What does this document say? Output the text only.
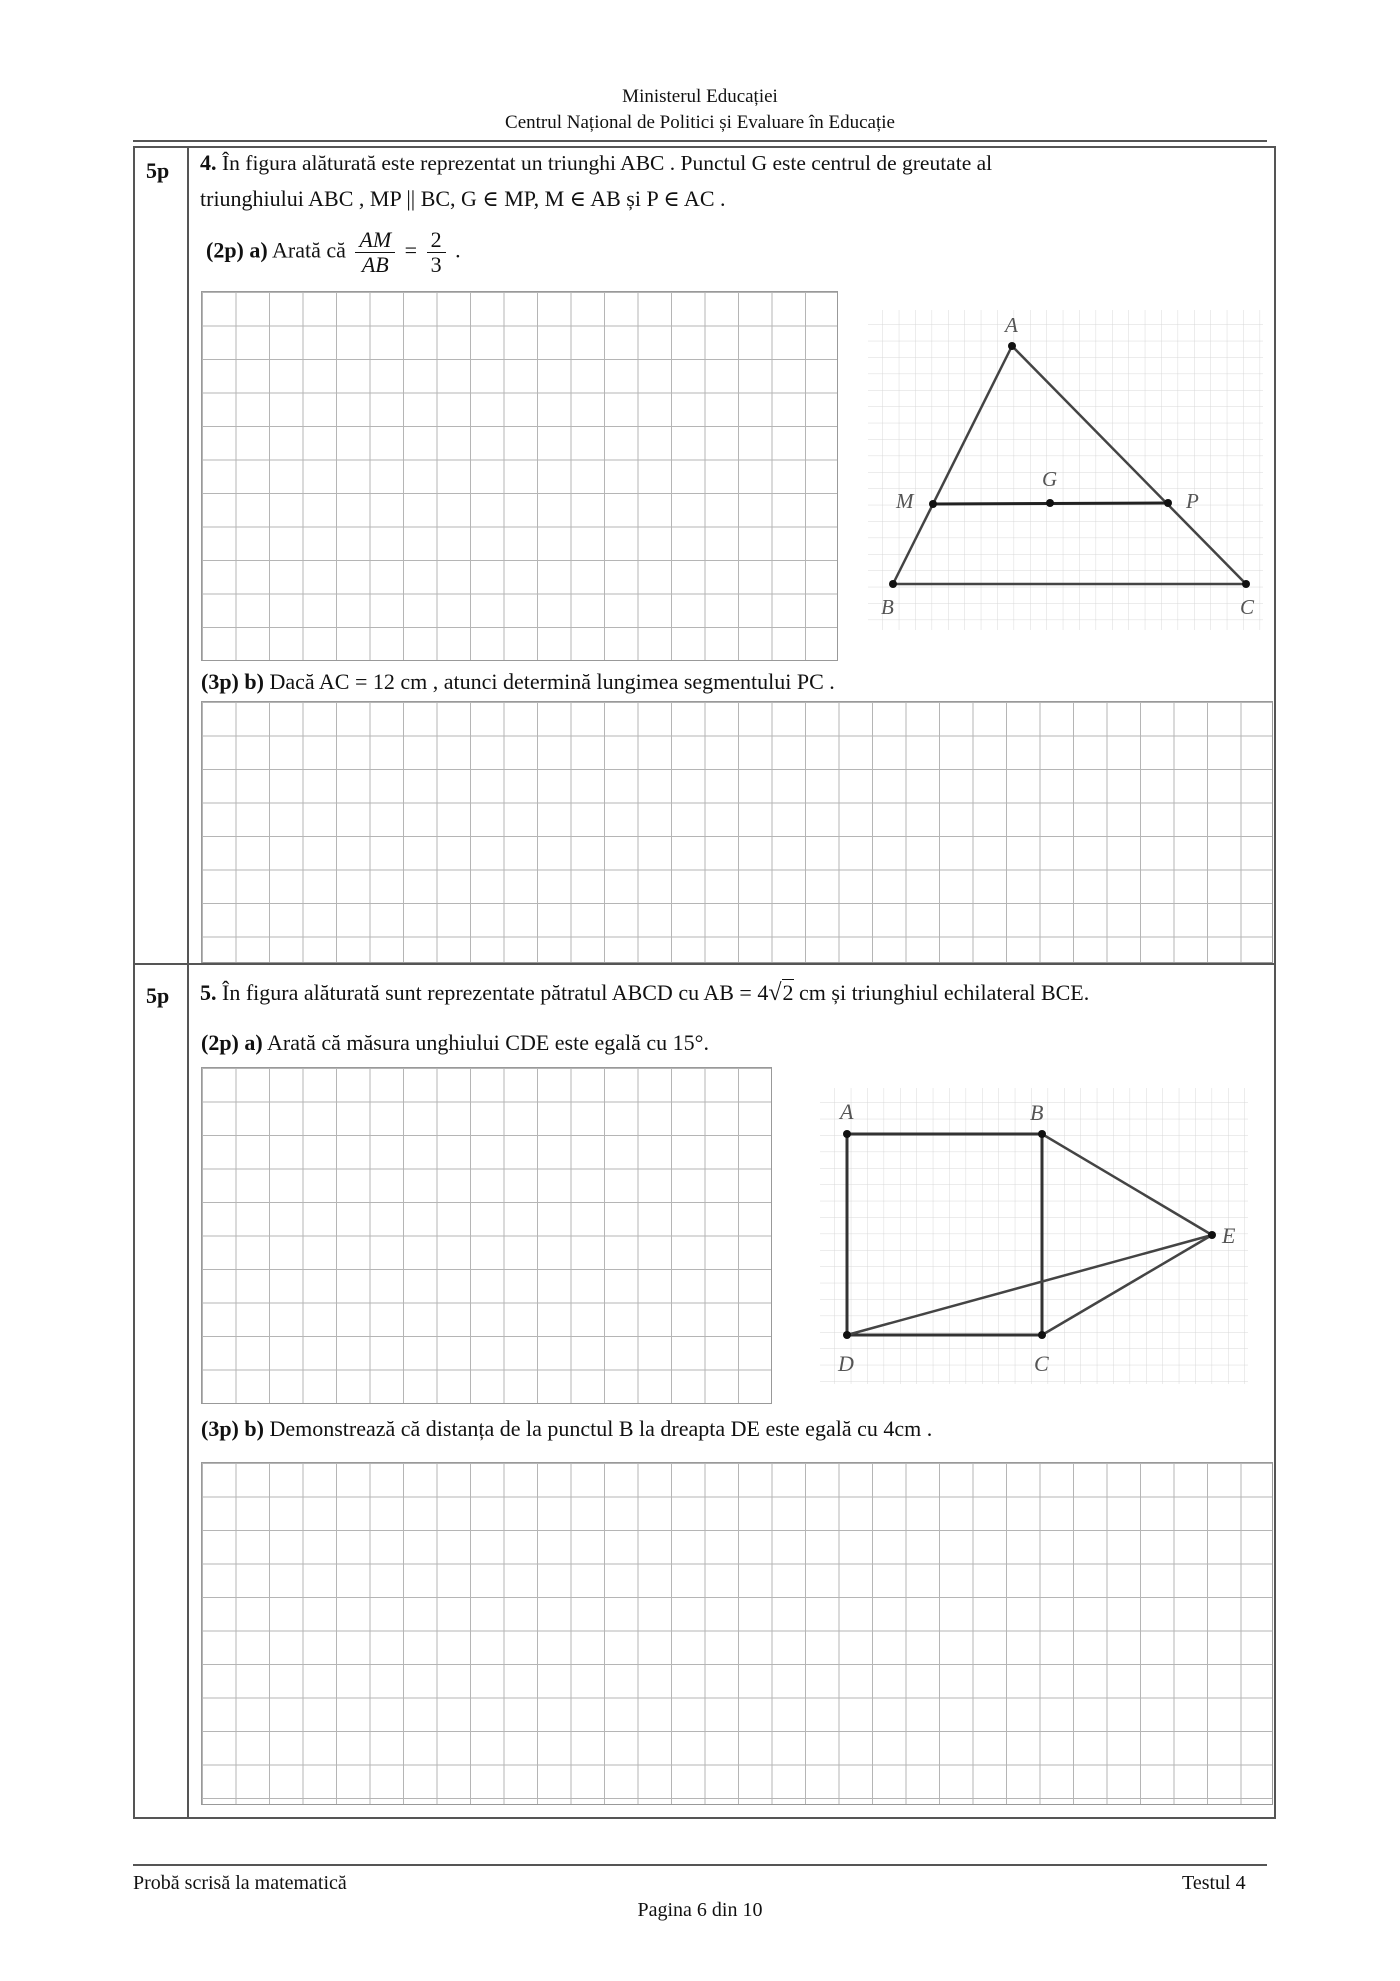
Ministerul Educației
Centrul Național de Politici și Evaluare în Educație
5p 4. În figura alăturată este reprezentat un triunghi ABC . Punctul G este centrul de greutate al
triunghiului ABC , MP || BC, G ∈ MP, M ∈ AB și P ∈ AC .
(2p) a) Arată că $\frac{AM}{AB} = \frac{2}{3}$ .
A
B	C
M
G
P
(3p) b) Dacă AC = 12 cm , atunci determină lungimea segmentului PC .
5p 5. În figura alăturată sunt reprezentate pătratul ABCD cu AB = 4√2 cm și triunghiul echilateral BCE.
(2p) a) Arată că măsura unghiului CDE este egală cu 15°.
A	B
C
D
E
(3p) b) Demonstrează că distanța de la punctul B la dreapta DE este egală cu 4cm .
Probă scrisă la matematică	Testul 4
Pagina 6 din 10
